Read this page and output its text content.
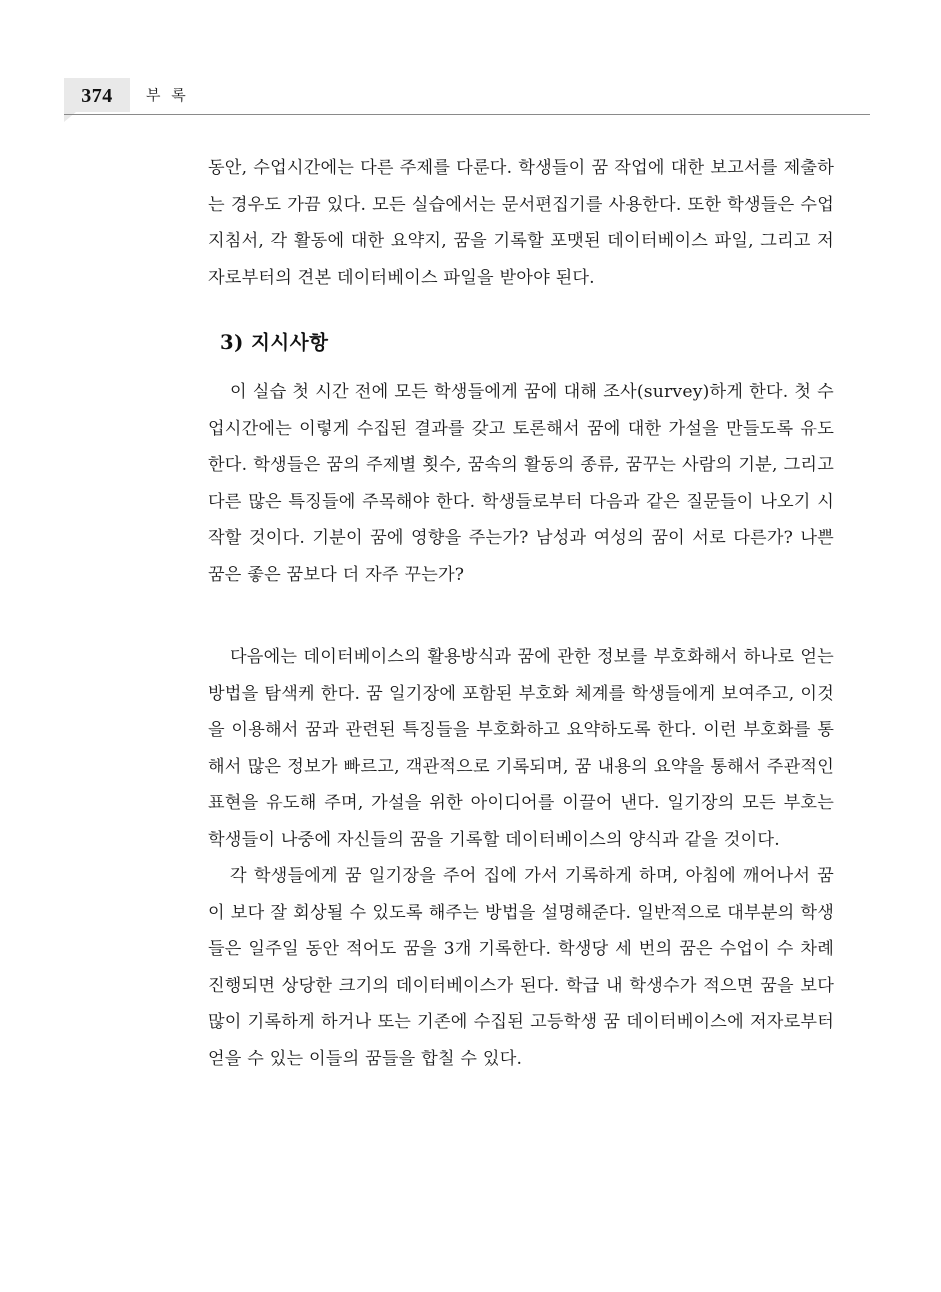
374	부 록

동안, 수업시간에는 다른 주제를 다룬다. 학생들이 꿈 작업에 대한 보고서를 제출하는 경우도 가끔 있다. 모든 실습에서는 문서편집기를 사용한다. 또한 학생들은 수업 지침서, 각 활동에 대한 요약지, 꿈을 기록할 포맷된 데이터베이스 파일, 그리고 저자로부터의 견본 데이터베이스 파일을 받아야 된다.

3) 지시사항

이 실습 첫 시간 전에 모든 학생들에게 꿈에 대해 조사(survey)하게 한다. 첫 수업시간에는 이렇게 수집된 결과를 갖고 토론해서 꿈에 대한 가설을 만들도록 유도한다. 학생들은 꿈의 주제별 횟수, 꿈속의 활동의 종류, 꿈꾸는 사람의 기분, 그리고 다른 많은 특징들에 주목해야 한다. 학생들로부터 다음과 같은 질문들이 나오기 시작할 것이다. 기분이 꿈에 영향을 주는가? 남성과 여성의 꿈이 서로 다른가? 나쁜 꿈은 좋은 꿈보다 더 자주 꾸는가?

다음에는 데이터베이스의 활용방식과 꿈에 관한 정보를 부호화해서 하나로 얻는 방법을 탐색케 한다. 꿈 일기장에 포함된 부호화 체계를 학생들에게 보여주고, 이것을 이용해서 꿈과 관련된 특징들을 부호화하고 요약하도록 한다. 이런 부호화를 통해서 많은 정보가 빠르고, 객관적으로 기록되며, 꿈 내용의 요약을 통해서 주관적인 표현을 유도해 주며, 가설을 위한 아이디어를 이끌어 낸다. 일기장의 모든 부호는 학생들이 나중에 자신들의 꿈을 기록할 데이터베이스의 양식과 같을 것이다.

각 학생들에게 꿈 일기장을 주어 집에 가서 기록하게 하며, 아침에 깨어나서 꿈이 보다 잘 회상될 수 있도록 해주는 방법을 설명해준다. 일반적으로 대부분의 학생들은 일주일 동안 적어도 꿈을 3개 기록한다. 학생당 세 번의 꿈은 수업이 수 차례 진행되면 상당한 크기의 데이터베이스가 된다. 학급 내 학생수가 적으면 꿈을 보다 많이 기록하게 하거나 또는 기존에 수집된 고등학생 꿈 데이터베이스에 저자로부터 얻을 수 있는 이들의 꿈들을 합칠 수 있다.
